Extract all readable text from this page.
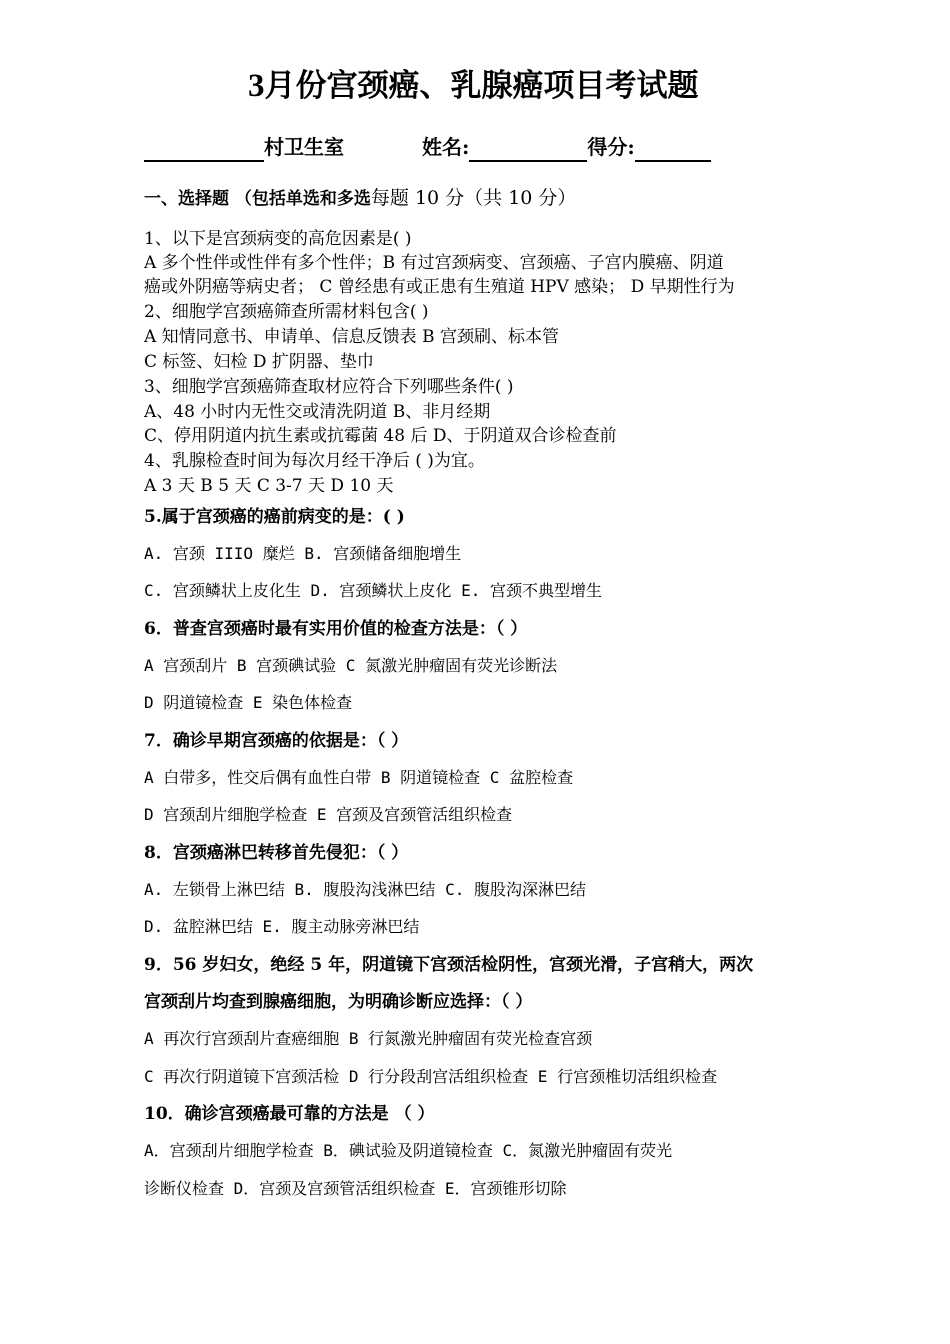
3月份宫颈癌、乳腺癌项目考试题
村卫生室	姓名:	得分:
一、选择题 （包括单选和多选每题 10 分（共 10 分）
1、以下是宫颈病变的高危因素是( )
A 多个性伴或性伴有多个性伴；B 有过宫颈病变、宫颈癌、子宫内膜癌、阴道
癌或外阴癌等病史者； C 曾经患有或正患有生殖道 HPV 感染； D 早期性行为
2、细胞学宫颈癌筛查所需材料包含( )
A 知情同意书、申请单、信息反馈表 B 宫颈刷、标本管
C 标签、妇检 D 扩阴器、垫巾
3、细胞学宫颈癌筛查取材应符合下列哪些条件( )
A、48 小时内无性交或清洗阴道 B、非月经期
C、停用阴道内抗生素或抗霉菌 48 后 D、于阴道双合诊检查前
4、乳腺检查时间为每次月经干净后 ( )为宜。
A 3 天 B 5 天 C 3-7 天 D 10 天
5.属于宫颈癌的癌前病变的是：( )
A. 宫颈 IIIO 糜烂 B. 宫颈储备细胞增生
C. 宫颈鳞状上皮化生 D. 宫颈鳞状上皮化 E. 宫颈不典型增生
6．普查宫颈癌时最有实用价值的检查方法是：（ ）
A 宫颈刮片 B 宫颈碘试验 C 氮激光肿瘤固有荧光诊断法
D 阴道镜检查 E 染色体检查
7．确诊早期宫颈癌的依据是：（ ）
A 白带多，性交后偶有血性白带 B 阴道镜检查 C 盆腔检查
D 宫颈刮片细胞学检查 E 宫颈及宫颈管活组织检查
8．宫颈癌淋巴转移首先侵犯：（ ）
A. 左锁骨上淋巴结 B. 腹股沟浅淋巴结 C. 腹股沟深淋巴结
D. 盆腔淋巴结 E. 腹主动脉旁淋巴结
9．56 岁妇女，绝经 5 年，阴道镜下宫颈活检阴性，宫颈光滑，子宫稍大，两次
宫颈刮片均查到腺癌细胞，为明确诊断应选择：（ ）
A 再次行宫颈刮片查癌细胞 B 行氮激光肿瘤固有荧光检查宫颈
C 再次行阴道镜下宫颈活检 D 行分段刮宫活组织检查 E 行宫颈椎切活组织检查
10．确诊宫颈癌最可靠的方法是 （ ）
A．宫颈刮片细胞学检查 B．碘试验及阴道镜检查 C．氮激光肿瘤固有荧光
诊断仪检查 D．宫颈及宫颈管活组织检查 E．宫颈锥形切除
